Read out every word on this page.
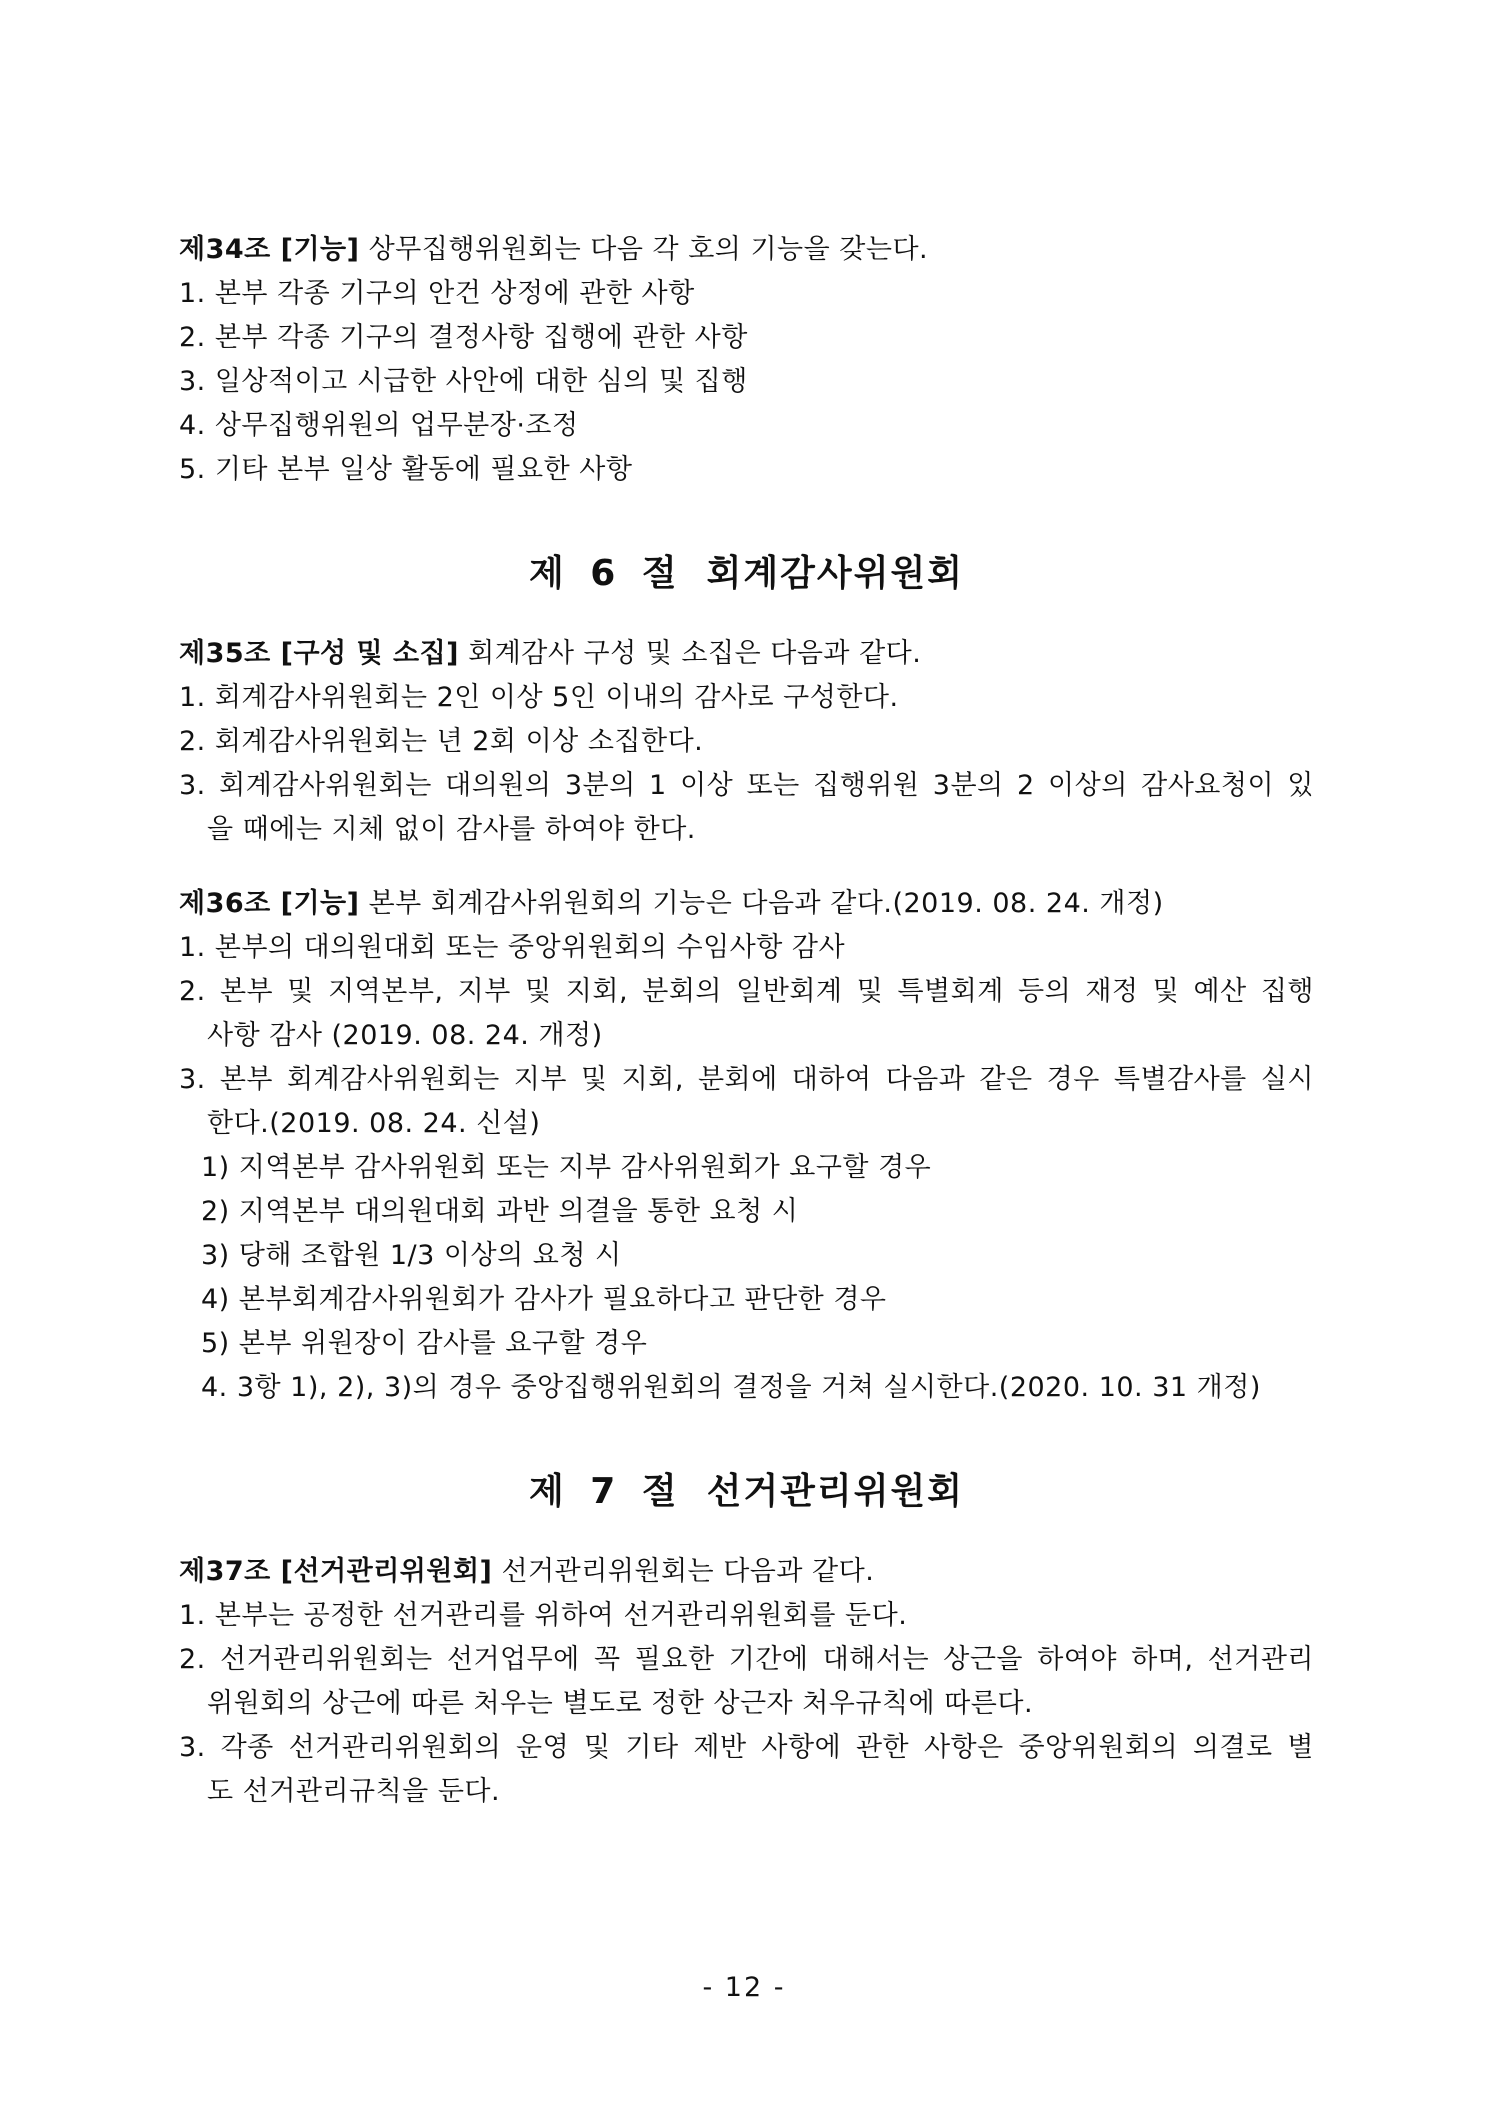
제34조 [기능] 상무집행위원회는 다음 각 호의 기능을 갖는다.
1. 본부 각종 기구의 안건 상정에 관한 사항
2. 본부 각종 기구의 결정사항 집행에 관한 사항
3. 일상적이고 시급한 사안에 대한 심의 및 집행
4. 상무집행위원의 업무분장·조정
5. 기타 본부 일상 활동에 필요한 사항
제 6 절 회계감사위원회
제35조 [구성 및 소집] 회계감사 구성 및 소집은 다음과 같다.
1. 회계감사위원회는 2인 이상 5인 이내의 감사로 구성한다.
2. 회계감사위원회는 년 2회 이상 소집한다.
3. 회계감사위원회는 대의원의 3분의 1 이상 또는 집행위원 3분의 2 이상의 감사요청이 있
을 때에는 지체 없이 감사를 하여야 한다.
제36조 [기능] 본부 회계감사위원회의 기능은 다음과 같다.(2019. 08. 24. 개정)
1. 본부의 대의원대회 또는 중앙위원회의 수임사항 감사
2. 본부 및 지역본부, 지부 및 지회, 분회의 일반회계 및 특별회계 등의 재정 및 예산 집행
사항 감사 (2019. 08. 24. 개정)
3. 본부 회계감사위원회는 지부 및 지회, 분회에 대하여 다음과 같은 경우 특별감사를 실시
한다.(2019. 08. 24. 신설)
1) 지역본부 감사위원회 또는 지부 감사위원회가 요구할 경우
2) 지역본부 대의원대회 과반 의결을 통한 요청 시
3) 당해 조합원 1/3 이상의 요청 시
4) 본부회계감사위원회가 감사가 필요하다고 판단한 경우
5) 본부 위원장이 감사를 요구할 경우
4. 3항 1), 2), 3)의 경우 중앙집행위원회의 결정을 거쳐 실시한다.(2020. 10. 31 개정)
제 7 절 선거관리위원회
제37조 [선거관리위원회] 선거관리위원회는 다음과 같다.
1. 본부는 공정한 선거관리를 위하여 선거관리위원회를 둔다.
2. 선거관리위원회는 선거업무에 꼭 필요한 기간에 대해서는 상근을 하여야 하며, 선거관리
위원회의 상근에 따른 처우는 별도로 정한 상근자 처우규칙에 따른다.
3. 각종 선거관리위원회의 운영 및 기타 제반 사항에 관한 사항은 중앙위원회의 의결로 별
도 선거관리규칙을 둔다.
- 12 -
